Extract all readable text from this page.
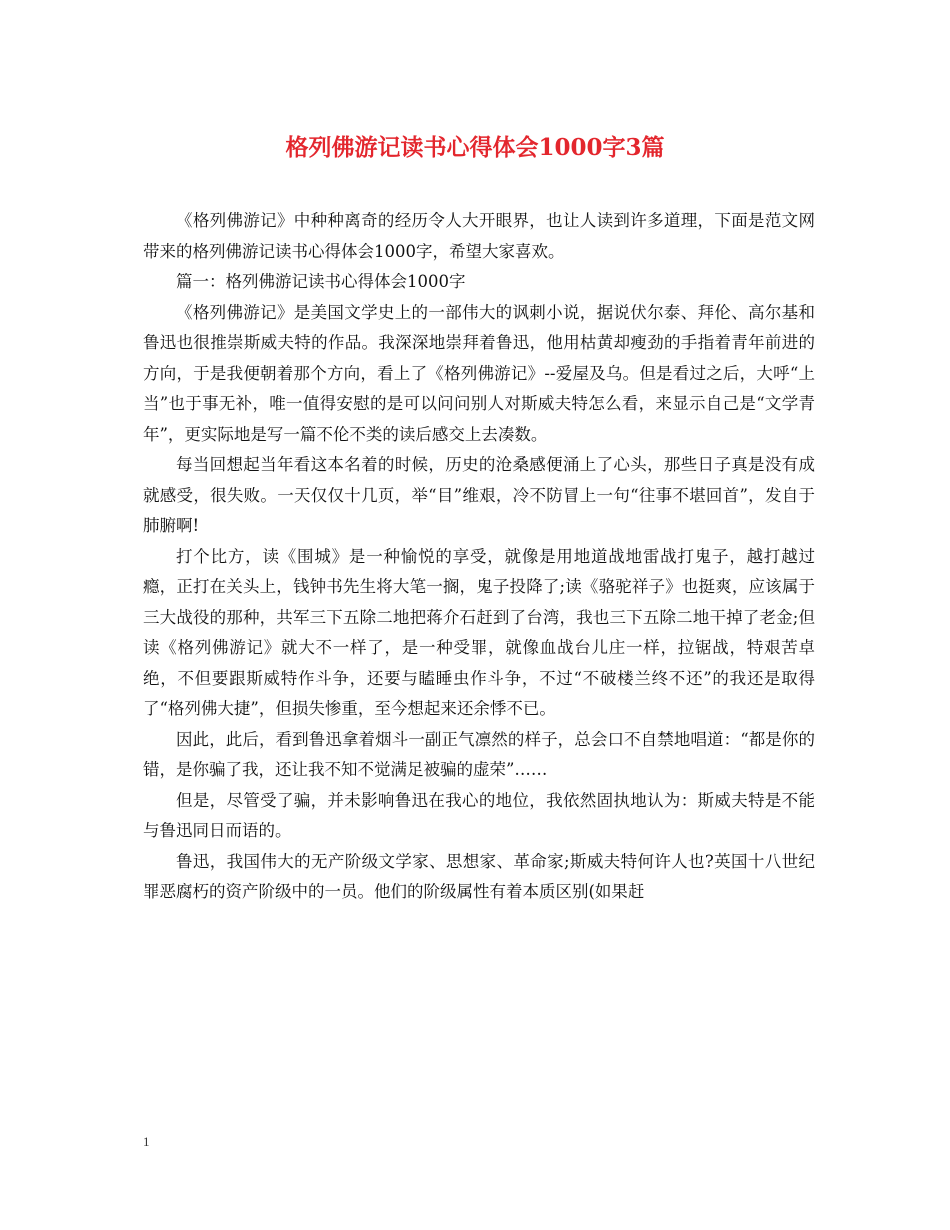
格列佛游记读书心得体会1000字3篇

《格列佛游记》中种种离奇的经历令人大开眼界，也让人读到许多道理，下面是范文网带来的格列佛游记读书心得体会1000字，希望大家喜欢。

篇一：格列佛游记读书心得体会1000字

《格列佛游记》是美国文学史上的一部伟大的讽刺小说，据说伏尔泰、拜伦、高尔基和鲁迅也很推崇斯威夫特的作品。我深深地崇拜着鲁迅，他用枯黄却瘦劲的手指着青年前进的方向，于是我便朝着那个方向，看上了《格列佛游记》--爱屋及乌。但是看过之后，大呼“上当”也于事无补，唯一值得安慰的是可以问问别人对斯威夫特怎么看，来显示自己是“文学青年”，更实际地是写一篇不伦不类的读后感交上去凑数。

每当回想起当年看这本名着的时候，历史的沧桑感便涌上了心头，那些日子真是没有成就感受，很失败。一天仅仅十几页，举“目”维艰，冷不防冒上一句“往事不堪回首”，发自于肺腑啊!

打个比方，读《围城》是一种愉悦的享受，就像是用地道战地雷战打鬼子，越打越过瘾，正打在关头上，钱钟书先生将大笔一搁，鬼子投降了;读《骆驼祥子》也挺爽，应该属于三大战役的那种，共军三下五除二地把蒋介石赶到了台湾，我也三下五除二地干掉了老金;但读《格列佛游记》就大不一样了，是一种受罪，就像血战台儿庄一样，拉锯战，特艰苦卓绝，不但要跟斯威特作斗争，还要与瞌睡虫作斗争，不过“不破楼兰终不还”的我还是取得了“格列佛大捷”，但损失惨重，至今想起来还余悸不已。

因此，此后，看到鲁迅拿着烟斗一副正气凛然的样子，总会口不自禁地唱道：“都是你的错，是你骗了我，还让我不知不觉满足被骗的虚荣”……

但是，尽管受了骗，并未影响鲁迅在我心的地位，我依然固执地认为：斯威夫特是不能与鲁迅同日而语的。

鲁迅，我国伟大的无产阶级文学家、思想家、革命家;斯威夫特何许人也?英国十八世纪罪恶腐朽的资产阶级中的一员。他们的阶级属性有着本质区别(如果赶

1
